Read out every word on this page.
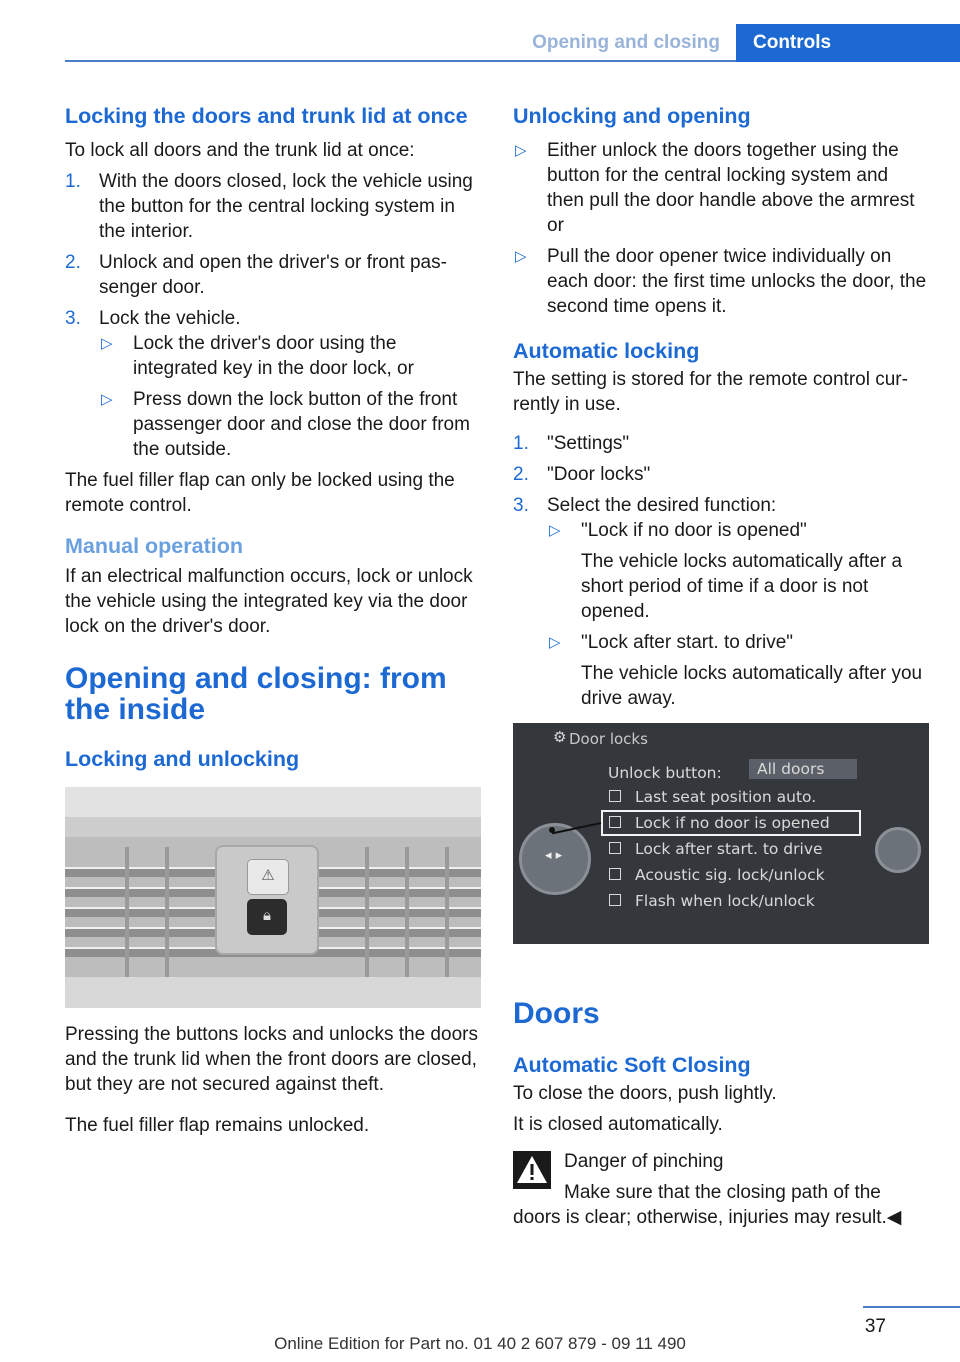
Opening and closing	Controls
Locking the doors and trunk lid at once

To lock all doors and the trunk lid at once:

1. With the doors closed, lock the vehicle using the button for the central locking system in the interior.
2. Unlock and open the driver's or front pas‐senger door.
3. Lock the vehicle.
▷ Lock the driver's door using the integrated key in the door lock, or
▷ Press down the lock button of the front passenger door and close the door from the outside.

The fuel filler flap can only be locked using the remote control.

Manual operation

If an electrical malfunction occurs, lock or unlock the vehicle using the integrated key via the door lock on the driver's door.

Opening and closing: from the inside
Locking and unlocking
⚠
🔒︎

Pressing the buttons locks and unlocks the doors and the trunk lid when the front doors are closed, but they are not secured against theft.

The fuel filler flap remains unlocked.

Unlocking and opening
▷ Either unlock the doors together using the button for the central locking system and then pull the door handle above the armrest or
▷ Pull the door opener twice individually on each door: the first time unlocks the door, the second time opens it.
Automatic locking

The setting is stored for the remote control cur‐rently in use.

1. "Settings"
2. "Door locks"
3. Select the desired function:
▷ "Lock if no door is opened"
The vehicle locks automatically after a short period of time if a door is not opened.
▷ "Lock after start. to drive"
The vehicle locks automatically after you drive away.
⚙ Door locks
Unlock button:	All doors
Last seat position auto.
Lock if no door is opened
Lock after start. to drive
Acoustic sig. lock/unlock
Flash when lock/unlock
◂ ▸
Doors
Automatic Soft Closing

To close the doors, push lightly.

It is closed automatically.

Danger of pinching

Make sure that the closing path of the doors is clear; otherwise, injuries may result.◀

37
Online Edition for Part no. 01 40 2 607 879 - 09 11 490
